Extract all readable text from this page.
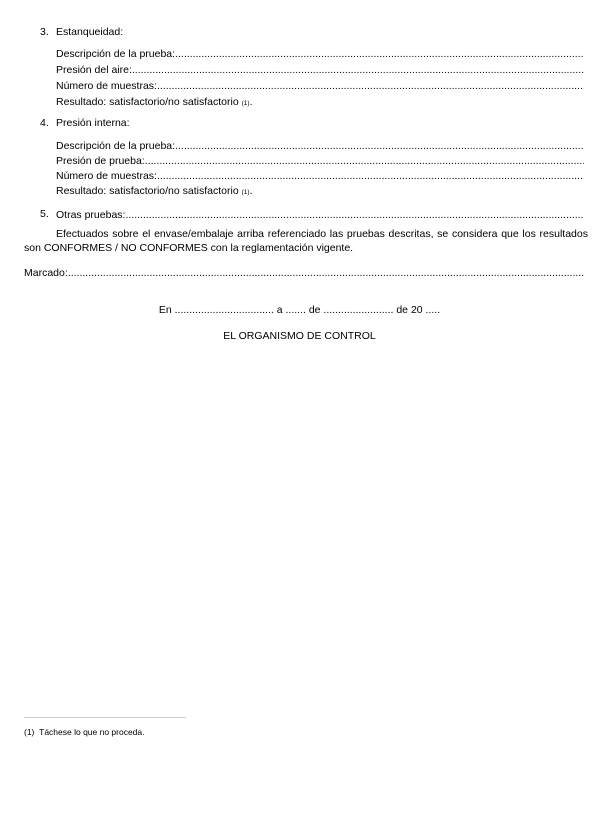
3. Estanqueidad:
Descripción de la prueba:
.....
Presión del aire:
.....
Número de muestras:
.....
Resultado: satisfactorio/no satisfactorio
(1) .
4. Presión interna:
Descripción de la prueba:
.....
Presión de prueba:
.....
Número de muestras:
.....
Resultado: satisfactorio/no satisfactorio
(1) .
5. Otras pruebas:
.....
Efectuados sobre el envase/embalaje arriba referenciado las pruebas descritas, se considera que los resultados son CONFORMES / NO CONFORMES con la reglamentación vigente.
Marcado:
.....
En .................................. a ....... de ........................ de 20 .....
EL ORGANISMO DE CONTROL
(1) Táchese lo que no proceda.
